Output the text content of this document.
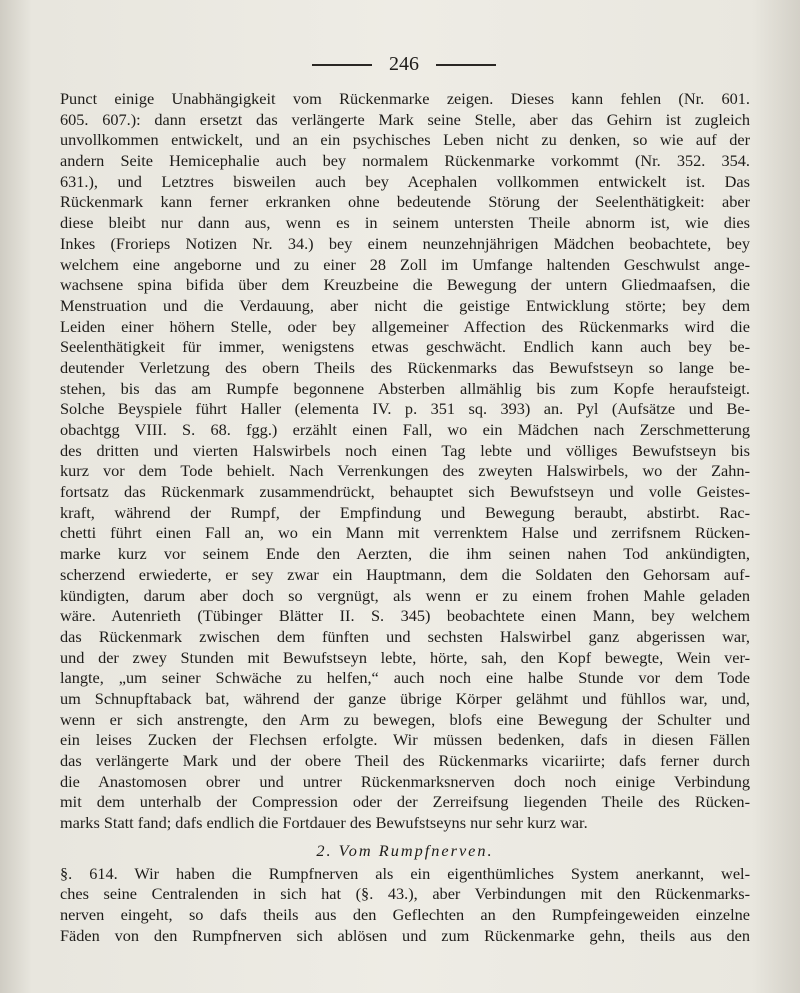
246
Punct einige Unabhängigkeit vom Rückenmarke zeigen. Dieses kann fehlen (Nr. 601.
605. 607.): dann ersetzt das verlängerte Mark seine Stelle, aber das Gehirn ist zugleich
unvollkommen entwickelt, und an ein psychisches Leben nicht zu denken, so wie auf der
andern Seite Hemicephalie auch bey normalem Rückenmarke vorkommt (Nr. 352. 354.
631.), und Letztres bisweilen auch bey Acephalen vollkommen entwickelt ist. Das
Rückenmark kann ferner erkranken ohne bedeutende Störung der Seelenthätigkeit: aber
diese bleibt nur dann aus, wenn es in seinem untersten Theile abnorm ist, wie dies
Inkes (Frorieps Notizen Nr. 34.) bey einem neunzehnjährigen Mädchen beobachtete, bey
welchem eine angeborne und zu einer 28 Zoll im Umfange haltenden Geschwulst ange-
wachsene spina bifida über dem Kreuzbeine die Bewegung der untern Gliedmaafsen, die
Menstruation und die Verdauung, aber nicht die geistige Entwicklung störte; bey dem
Leiden einer höhern Stelle, oder bey allgemeiner Affection des Rückenmarks wird die
Seelenthätigkeit für immer, wenigstens etwas geschwächt. Endlich kann auch bey be-
deutender Verletzung des obern Theils des Rückenmarks das Bewufstseyn so lange be-
stehen, bis das am Rumpfe begonnene Absterben allmählig bis zum Kopfe heraufsteigt.
Solche Beyspiele führt Haller (elementa IV. p. 351 sq. 393) an. Pyl (Aufsätze und Be-
obachtgg VIII. S. 68. fgg.) erzählt einen Fall, wo ein Mädchen nach Zerschmetterung
des dritten und vierten Halswirbels noch einen Tag lebte und völliges Bewufstseyn bis
kurz vor dem Tode behielt. Nach Verrenkungen des zweyten Halswirbels, wo der Zahn-
fortsatz das Rückenmark zusammendrückt, behauptet sich Bewufstseyn und volle Geistes-
kraft, während der Rumpf, der Empfindung und Bewegung beraubt, abstirbt. Rac-
chetti führt einen Fall an, wo ein Mann mit verrenktem Halse und zerrifsnem Rücken-
marke kurz vor seinem Ende den Aerzten, die ihm seinen nahen Tod ankündigten,
scherzend erwiederte, er sey zwar ein Hauptmann, dem die Soldaten den Gehorsam auf-
kündigten, darum aber doch so vergnügt, als wenn er zu einem frohen Mahle geladen
wäre. Autenrieth (Tübinger Blätter II. S. 345) beobachtete einen Mann, bey welchem
das Rückenmark zwischen dem fünften und sechsten Halswirbel ganz abgerissen war,
und der zwey Stunden mit Bewufstseyn lebte, hörte, sah, den Kopf bewegte, Wein ver-
langte, „um seiner Schwäche zu helfen,“ auch noch eine halbe Stunde vor dem Tode
um Schnupftaback bat, während der ganze übrige Körper gelähmt und fühllos war, und,
wenn er sich anstrengte, den Arm zu bewegen, blofs eine Bewegung der Schulter und
ein leises Zucken der Flechsen erfolgte. Wir müssen bedenken, dafs in diesen Fällen
das verlängerte Mark und der obere Theil des Rückenmarks vicariirte; dafs ferner durch
die Anastomosen obrer und untrer Rückenmarksnerven doch noch einige Verbindung
mit dem unterhalb der Compression oder der Zerreifsung liegenden Theile des Rücken-
marks Statt fand; dafs endlich die Fortdauer des Bewufstseyns nur sehr kurz war.
2. Vom Rumpfnerven.
§. 614. Wir haben die Rumpfnerven als ein eigenthümliches System anerkannt, wel-
ches seine Centralenden in sich hat (§. 43.), aber Verbindungen mit den Rückenmarks-
nerven eingeht, so dafs theils aus den Geflechten an den Rumpfeingeweiden einzelne
Fäden von den Rumpfnerven sich ablösen und zum Rückenmarke gehn, theils aus den
